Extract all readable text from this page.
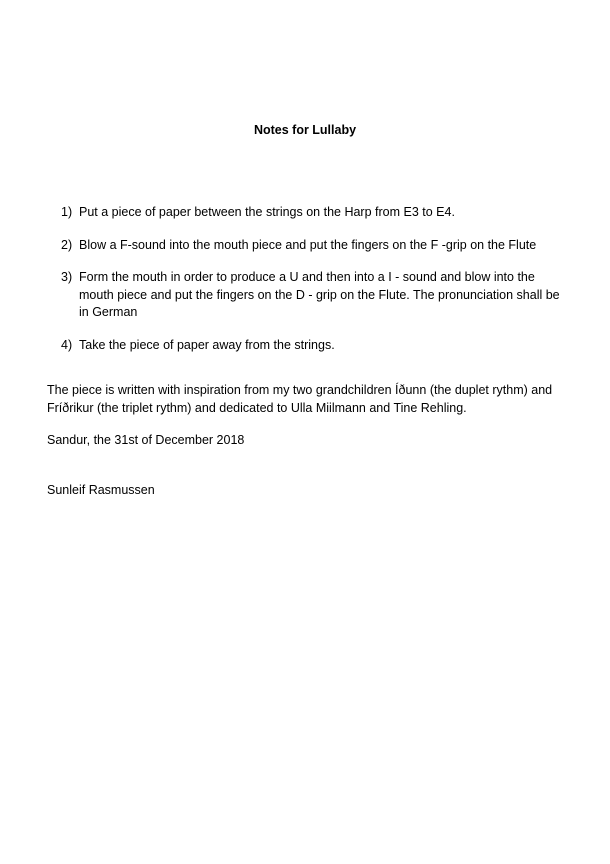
Notes for Lullaby
1) Put a piece of paper between the strings on the Harp from E3 to E4.
2) Blow a F-sound into the mouth piece and put the fingers on the F -grip on the Flute
3) Form the mouth in order to produce a U and then into a I - sound and blow into the mouth piece and put the fingers on the D - grip on the Flute. The pronunciation shall be in German
4) Take the piece of paper away from the strings.

The piece is written with inspiration from my two grandchildren Íðunn (the duplet rythm) and Fríðrikur (the triplet rythm) and dedicated to Ulla Miilmann and Tine Rehling.

Sandur, the 31st of December 2018

Sunleif Rasmussen
